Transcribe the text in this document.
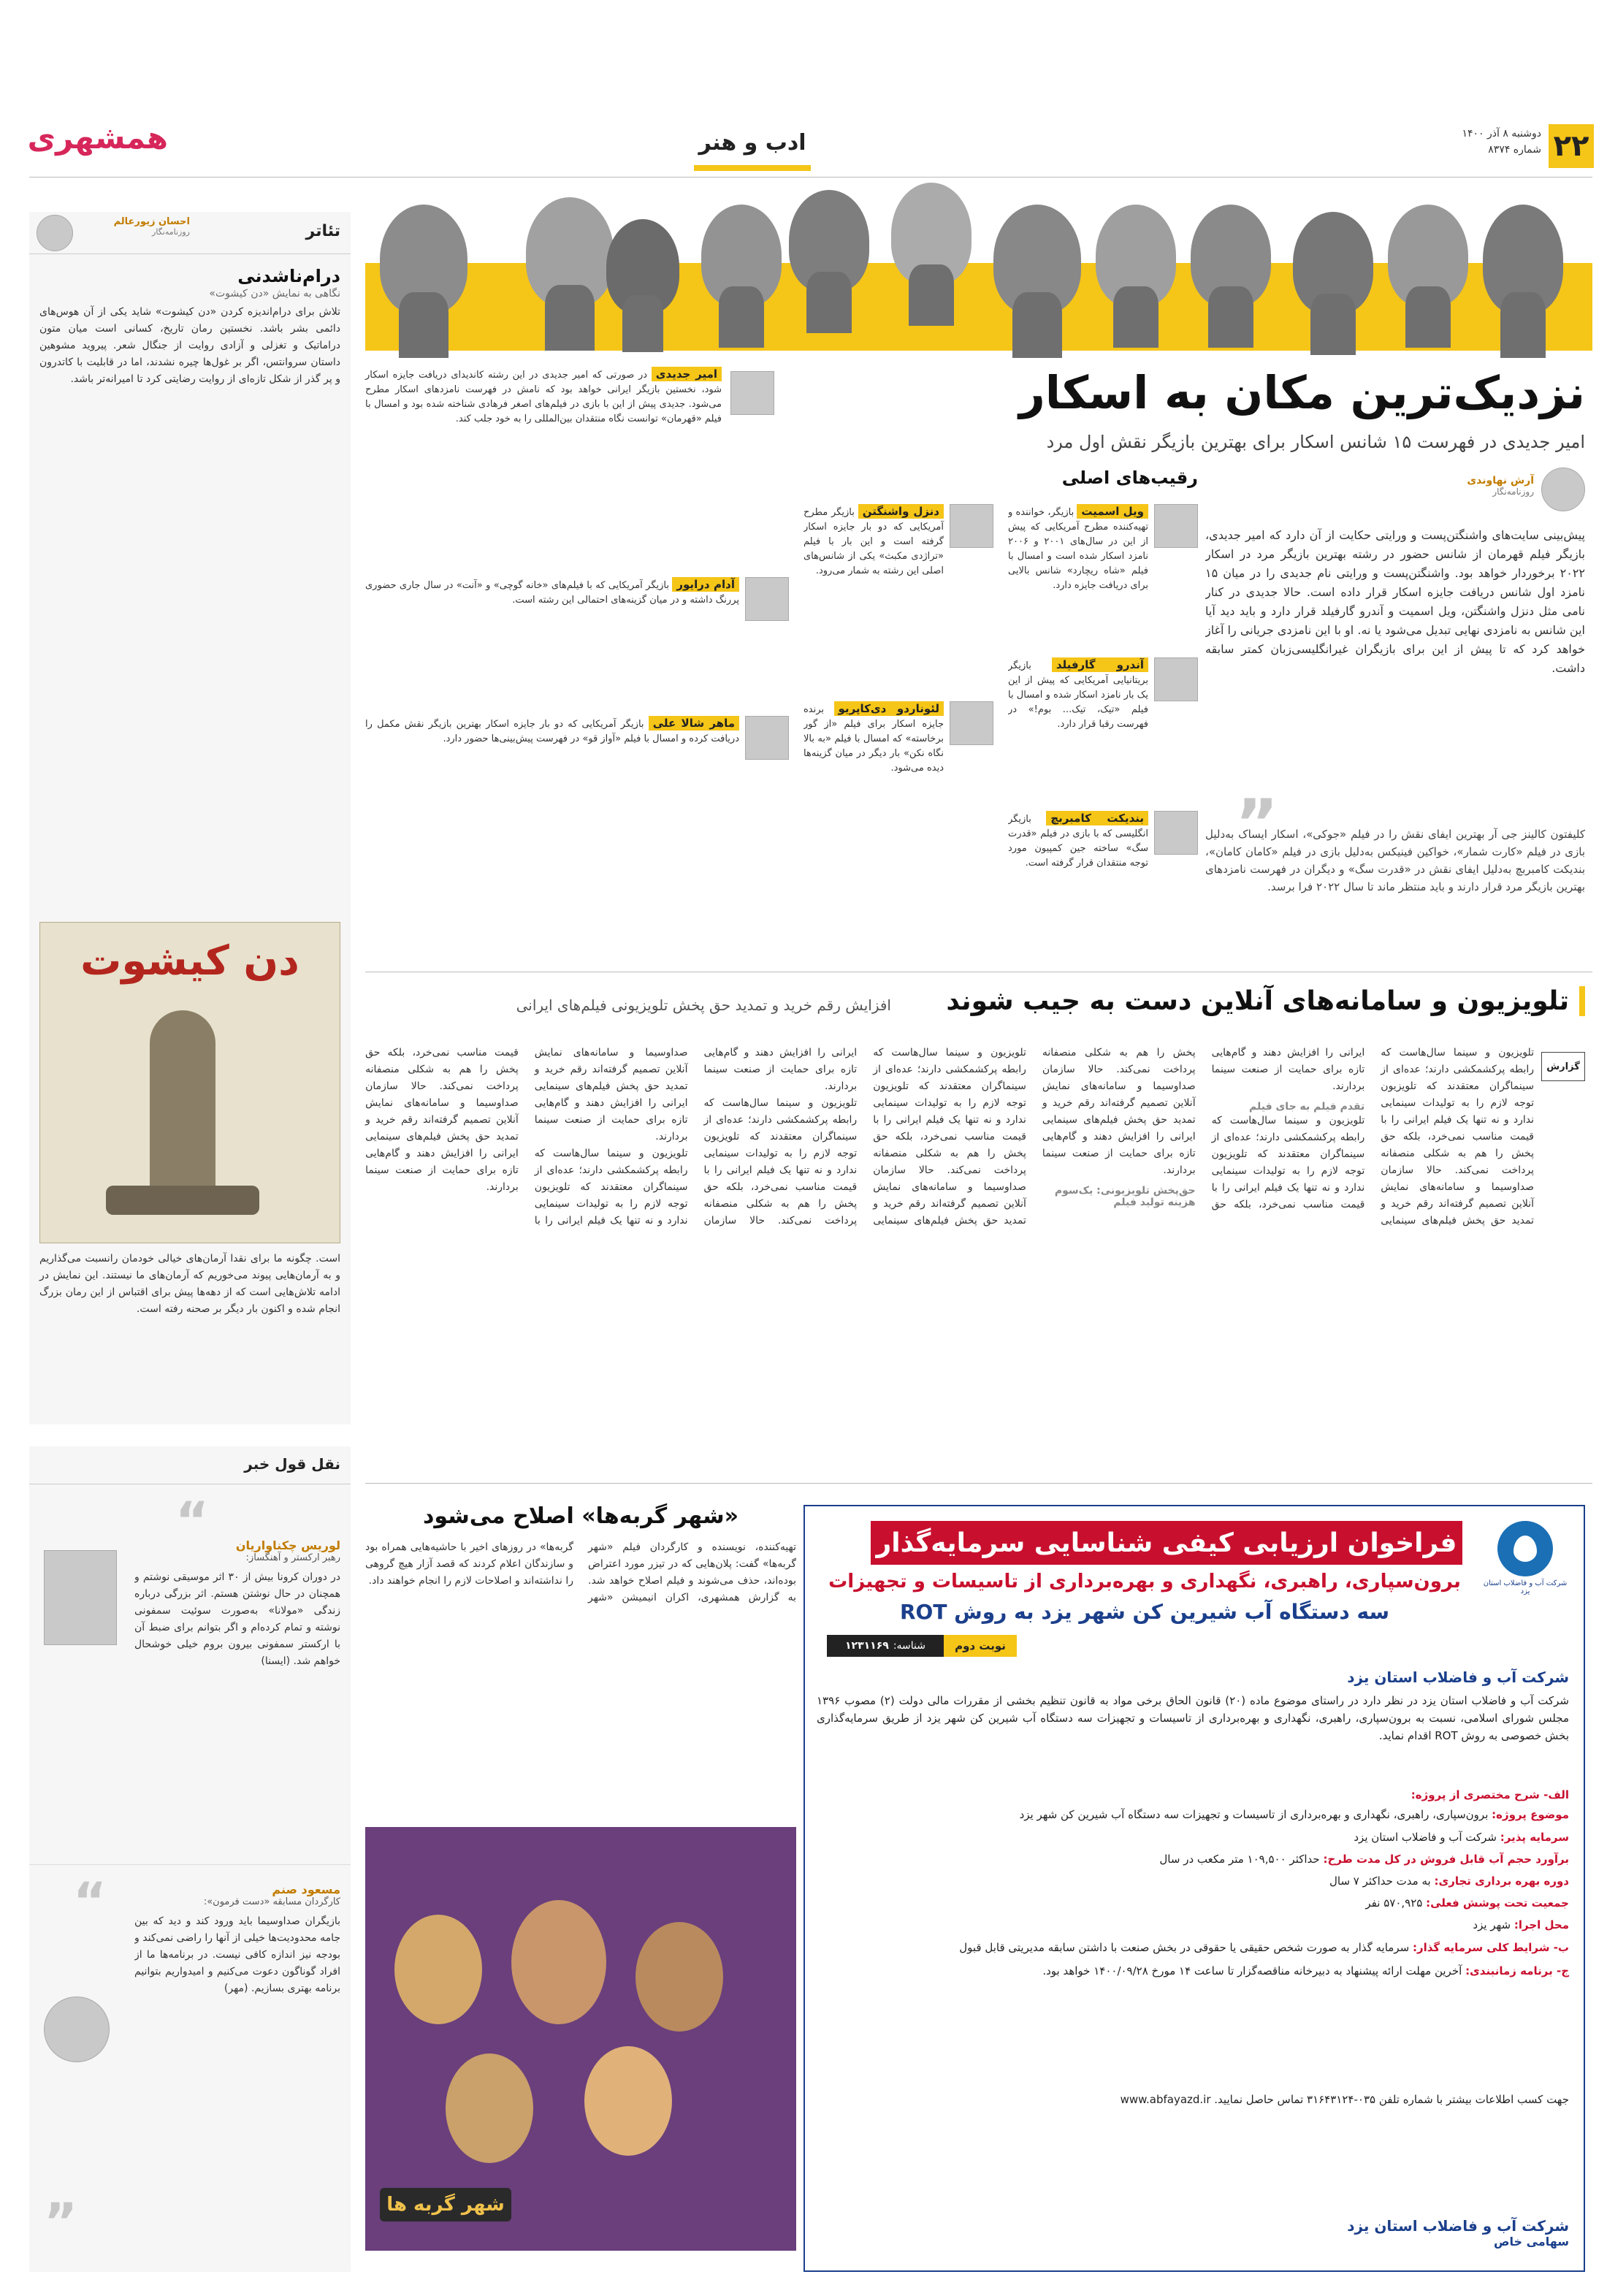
۲۲
دوشنبه ۸ آذر ۱۴۰۰
شماره ۸۳۷۴
ادب و هنر
همشهری
نزدیک‌ترین مکان به اسکار
امیر جدیدی در فهرست ۱۵ شانس اسکار برای بهترین بازیگر نقش اول مرد
امیر جدیدی در صورتی که امیر جدیدی در این رشته کاندیدای دریافت جایزه اسکار شود، نخستین بازیگر ایرانی خواهد بود که نامش در فهرست نامزدهای اسکار مطرح می‌شود. جدیدی پیش از این با بازی در فیلم‌های اصغر فرهادی شناخته شده بود و امسال با فیلم «قهرمان» توانست نگاه منتقدان بین‌المللی را به خود جلب کند.
آرش نهاوندی
روزنامه‌نگار
پیش‌بینی سایت‌های واشنگتن‌پست و ورایتی حکایت از آن دارد که امیر جدیدی، بازیگر فیلم قهرمان از شانس حضور در رشته بهترین بازیگر مرد در اسکار ۲۰۲۲ برخوردار خواهد بود. واشنگتن‌پست و ورایتی نام جدیدی را در میان ۱۵ نامزد اول شانس دریافت جایزه اسکار قرار داده است. حالا جدیدی در کنار نامی مثل دنزل واشنگتن، ویل اسمیت و آندرو گارفیلد قرار دارد و باید دید آیا این شانس به نامزدی نهایی تبدیل می‌شود یا نه. او با این نامزدی جریانی را آغاز خواهد کرد که تا پیش از این برای بازیگران غیرانگلیسی‌زبان کمتر سابقه داشت.
”
کلیفتون کالینز جی آر بهترین ایفای نقش را در فیلم «جوکی»، اسکار ایساک به‌دلیل بازی در فیلم «کارت شمار»، خواکین فینیکس به‌دلیل بازی در فیلم «کامان کامان»، بندیکت کامبربچ به‌دلیل ایفای نقش در «قدرت سگ» و دیگران در فهرست نامزدهای بهترین بازیگر مرد قرار دارند و باید منتظر ماند تا سال ۲۰۲۲ فرا برسد.
رقیب‌های اصلی
ویل اسمیت بازیگر، خواننده و تهیه‌کننده مطرح آمریکایی که پیش از این در سال‌های ۲۰۰۱ و ۲۰۰۶ نامزد اسکار شده است و امسال با فیلم «شاه ریچارد» شانس بالایی برای دریافت جایزه دارد.
آندرو گارفیلد بازیگر بریتانیایی آمریکایی که پیش از این یک بار نامزد اسکار شده و امسال با فیلم «تیک، تیک... بوم!» در فهرست رقبا قرار دارد.
بندیکت کامبربچ بازیگر انگلیسی که با بازی در فیلم «قدرت سگ» ساخته جین کمپیون مورد توجه منتقدان قرار گرفته است.
دنزل واشنگتن بازیگر مطرح آمریکایی که دو بار جایزه اسکار گرفته است و این بار با فیلم «تراژدی مکبث» یکی از شانس‌های اصلی این رشته به شمار می‌رود.
لئوناردو دی‌کاپریو برنده جایزه اسکار برای فیلم «از گور برخاسته» که امسال با فیلم «به بالا نگاه نکن» بار دیگر در میان گزینه‌ها دیده می‌شود.
آدام درایور بازیگر آمریکایی که با فیلم‌های «خانه گوچی» و «آنت» در سال جاری حضوری پررنگ داشته و در میان گزینه‌های احتمالی این رشته است.
ماهر شالا علی بازیگر آمریکایی که دو بار جایزه اسکار بهترین بازیگر نقش مکمل را دریافت کرده و امسال با فیلم «آواز قو» در فهرست پیش‌بینی‌ها حضور دارد.
تئاتر
احسان زیورعالم
روزنامه‌نگار
درام‌ناشدنی
نگاهی به نمایش «دن کیشوت»
تلاش برای درام‌اندیزه کردن «دن کیشوت» شاید یکی از آن هوس‌های دائمی بشر باشد. نخستین رمان تاریخ، کسانی است میان متون دراماتیک و تغزلی و آزادی روایت از جنگال شعر. پیروید مشوهین داستان سروانتس، اگر بر غول‌ها چیره نشدند، اما در قابلیت با کاتدرون و پر گذر از شکل تازه‌ای از روایت رضایتی کرد تا امیرانه‌تر باشد.
دن کیشوت
است. چگونه ما برای نقدا آرمان‌های خیالی خودمان رانسبت می‌گذاریم و به آرمان‌هایی پیوند می‌خوریم که آرمان‌های ما نیستند. این نمایش در ادامه تلاش‌هایی است که از دهه‌ها پیش برای اقتباس از این رمان بزرگ انجام شده و اکنون بار دیگر بر صحنه رفته است.
نقل قول خبر
“	لوریس چکناواریان
رهبر ارکستر و آهنگساز:
در دوران کرونا بیش از ۳۰ اثر موسیقی نوشتم و همچنان در حال نوشتن هستم. اثر بزرگی درباره زندگی «مولانا» به‌صورت سوئیت سمفونی نوشته و تمام کرده‌ام و اگر بتوانم برای ضبط آن با ارکستر سمفونی بیرون بروم خیلی خوشحال خواهم شد. (ایسنا)
“	مسعود صنم
کارگردان مسابقه «دست فرمون»:
بازیگران صداوسیما باید ورود کند و دید که بین جامه محدودیت‌ها خیلی از آنها را راضی نمی‌کند و بودجه نیز اندازه کافی نیست. در برنامه‌ها ما از افراد گوناگون دعوت می‌کنیم و امیدواریم بتوانیم برنامه بهتری بسازیم. (مهر)
”
تلویزیون و سامانه‌های آنلاین دست به جیب شوند
افزایش رقم خرید و تمدید حق پخش تلویزیونی فیلم‌های ایرانی
گزارش
تلویزیون و سینما سال‌هاست که رابطه پرکشمکشی دارند؛ عده‌ای از سینماگران معتقدند که تلویزیون توجه لازم را به تولیدات سینمایی ندارد و نه تنها یک فیلم ایرانی را با قیمت مناسب نمی‌خرد، بلکه حق پخش را هم به شکلی منصفانه پرداخت نمی‌کند. حالا سازمان صداوسیما و سامانه‌های نمایش آنلاین تصمیم گرفته‌اند رقم خرید و تمدید حق پخش فیلم‌های سینمایی ایرانی را افزایش دهند و گام‌هایی تازه برای حمایت از صنعت سینما بردارند.
تقدم ‌فیلم ‌به ‌جای ‌فیلم
تلویزیون و سینما سال‌هاست که رابطه پرکشمکشی دارند؛ عده‌ای از سینماگران معتقدند که تلویزیون توجه لازم را به تولیدات سینمایی ندارد و نه تنها یک فیلم ایرانی را با قیمت مناسب نمی‌خرد، بلکه حق پخش را هم به شکلی منصفانه پرداخت نمی‌کند. حالا سازمان صداوسیما و سامانه‌های نمایش آنلاین تصمیم گرفته‌اند رقم خرید و تمدید حق پخش فیلم‌های سینمایی ایرانی را افزایش دهند و گام‌هایی تازه برای حمایت از صنعت سینما بردارند.
حق‌پخش تلویزیونی: یک‌سوم هزینه تولید فیلم
تلویزیون و سینما سال‌هاست که رابطه پرکشمکشی دارند؛ عده‌ای از سینماگران معتقدند که تلویزیون توجه لازم را به تولیدات سینمایی ندارد و نه تنها یک فیلم ایرانی را با قیمت مناسب نمی‌خرد، بلکه حق پخش را هم به شکلی منصفانه پرداخت نمی‌کند. حالا سازمان صداوسیما و سامانه‌های نمایش آنلاین تصمیم گرفته‌اند رقم خرید و تمدید حق پخش فیلم‌های سینمایی ایرانی را افزایش دهند و گام‌هایی تازه برای حمایت از صنعت سینما بردارند.
تلویزیون و سینما سال‌هاست که رابطه پرکشمکشی دارند؛ عده‌ای از سینماگران معتقدند که تلویزیون توجه لازم را به تولیدات سینمایی ندارد و نه تنها یک فیلم ایرانی را با قیمت مناسب نمی‌خرد، بلکه حق پخش را هم به شکلی منصفانه پرداخت نمی‌کند. حالا سازمان صداوسیما و سامانه‌های نمایش آنلاین تصمیم گرفته‌اند رقم خرید و تمدید حق پخش فیلم‌های سینمایی ایرانی را افزایش دهند و گام‌هایی تازه برای حمایت از صنعت سینما بردارند.
تلویزیون و سینما سال‌هاست که رابطه پرکشمکشی دارند؛ عده‌ای از سینماگران معتقدند که تلویزیون توجه لازم را به تولیدات سینمایی ندارد و نه تنها یک فیلم ایرانی را با قیمت مناسب نمی‌خرد، بلکه حق پخش را هم به شکلی منصفانه پرداخت نمی‌کند. حالا سازمان صداوسیما و سامانه‌های نمایش آنلاین تصمیم گرفته‌اند رقم خرید و تمدید حق پخش فیلم‌های سینمایی ایرانی را افزایش دهند و گام‌هایی تازه برای حمایت از صنعت سینما بردارند.
«شهر گربه‌ها» اصلاح می‌شود
تهیه‌کننده، نویسنده و کارگردان فیلم «شهر گربه‌ها» گفت: پلان‌هایی که در تیزر مورد اعتراض بوده‌اند، حذف می‌شوند و فیلم اصلاح خواهد شد. به گزارش همشهری، اکران انیمیشن «شهر گربه‌ها» در روزهای اخیر با حاشیه‌هایی همراه بود و سازندگان اعلام کردند که قصد آزار هیچ گروهی را نداشته‌اند و اصلاحات لازم را انجام خواهند داد.
شهر گربه ها
شرکت آب و فاضلاب استان یزد
فراخوان ارزیابی کیفی شناسایی سرمایه‌گذار
برون‌سپاری، راهبری، نگهداری و بهره‌برداری از تاسیسات و تجهیزات
سه دستگاه آب شیرین کن شهر یزد به روش ROT
نوبت دوم
شناسه:
۱۲۳۱۱۶۹
شرکت آب و فاضلاب استان یزد
شرکت آب و فاضلاب استان یزد در نظر دارد در راستای موضوع ماده (۲۰) قانون الحاق برخی مواد به قانون تنظیم بخشی از مقررات مالی دولت (۲) مصوب ۱۳۹۶ مجلس شورای اسلامی، نسبت به برون‌سپاری، راهبری، نگهداری و بهره‌برداری از تاسیسات و تجهیزات سه دستگاه آب شیرین کن شهر یزد از طریق سرمایه‌گذاری بخش خصوصی به روش ROT اقدام نماید.
الف- شرح مختصری از پروژه:
موضوع پروژه: برون‌سپاری، راهبری، نگهداری و بهره‌برداری از تاسیسات و تجهیزات سه دستگاه آب شیرین کن شهر یزد
سرمایه پذیر: شرکت آب و فاضلاب استان یزد
برآورد حجم آب قابل فروش در کل مدت طرح: حداکثر ۱۰۹,۵۰۰ متر مکعب در سال
دوره بهره برداری تجاری: به مدت حداکثر ۷ سال
جمعیت تحت پوشش فعلی: ۵۷۰,۹۲۵ نفر
محل اجرا: شهر یزد
ب- شرایط کلی سرمایه گذار: سرمایه گذار به صورت شخص حقیقی یا حقوقی در بخش صنعت با داشتن سابقه مدیریتی قابل قبول
ج- برنامه زمانبندی: آخرین مهلت ارائه پیشنهاد به دبیرخانه مناقصه‌گزار تا ساعت ۱۴ مورخ ۱۴۰۰/۰۹/۲۸ خواهد بود.
جهت کسب اطلاعات بیشتر با شماره تلفن ۰۳۵-۳۱۶۴۳۱۲۴ تماس حاصل نمایید. www.abfayazd.ir
شرکت آب و فاضلاب استان یزد
سهامی خاص
